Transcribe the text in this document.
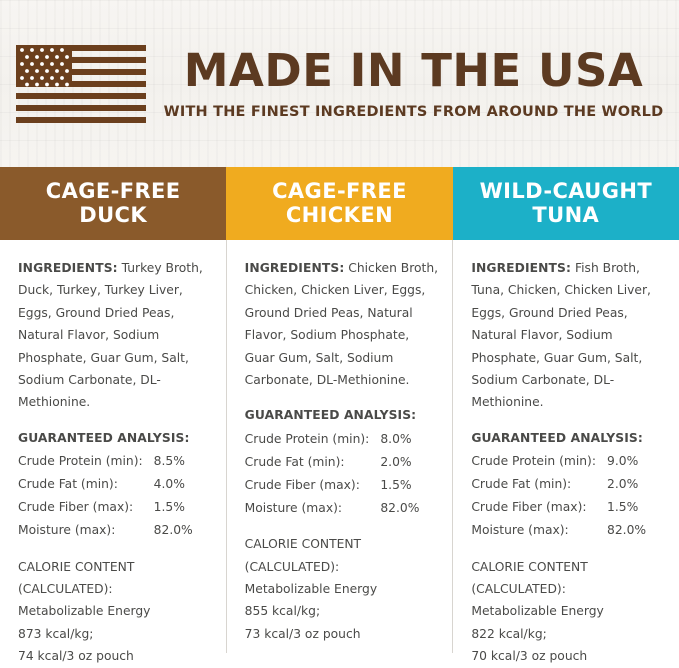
MADE IN THE USA
WITH THE FINEST INGREDIENTS FROM AROUND THE WORLD
CAGE-FREE
DUCK
CAGE-FREE
CHICKEN
WILD-CAUGHT
TUNA
INGREDIENTS: Turkey Broth, Duck, Turkey, Turkey Liver, Eggs, Ground Dried Peas, Natural Flavor, Sodium Phosphate, Guar Gum, Salt, Sodium Carbonate, DL-Methionine.
GUARANTEED ANALYSIS:
Crude Protein (min):	8.5%
Crude Fat (min):	4.0%
Crude Fiber (max):	1.5%
Moisture (max):	82.0%
CALORIE CONTENT (CALCULATED):
Metabolizable Energy
873 kcal/kg;
74 kcal/3 oz pouch
INGREDIENTS: Chicken Broth, Chicken, Chicken Liver, Eggs, Ground Dried Peas, Natural Flavor, Sodium Phosphate, Guar Gum, Salt, Sodium Carbonate, DL-Methionine.
GUARANTEED ANALYSIS:
Crude Protein (min):	8.0%
Crude Fat (min):	2.0%
Crude Fiber (max):	1.5%
Moisture (max):	82.0%
CALORIE CONTENT (CALCULATED):
Metabolizable Energy
855 kcal/kg;
73 kcal/3 oz pouch
INGREDIENTS: Fish Broth, Tuna, Chicken, Chicken Liver, Eggs, Ground Dried Peas, Natural Flavor, Sodium Phosphate, Guar Gum, Salt, Sodium Carbonate, DL-Methionine.
GUARANTEED ANALYSIS:
Crude Protein (min):	9.0%
Crude Fat (min):	2.0%
Crude Fiber (max):	1.5%
Moisture (max):	82.0%
CALORIE CONTENT (CALCULATED):
Metabolizable Energy
822 kcal/kg;
70 kcal/3 oz pouch
